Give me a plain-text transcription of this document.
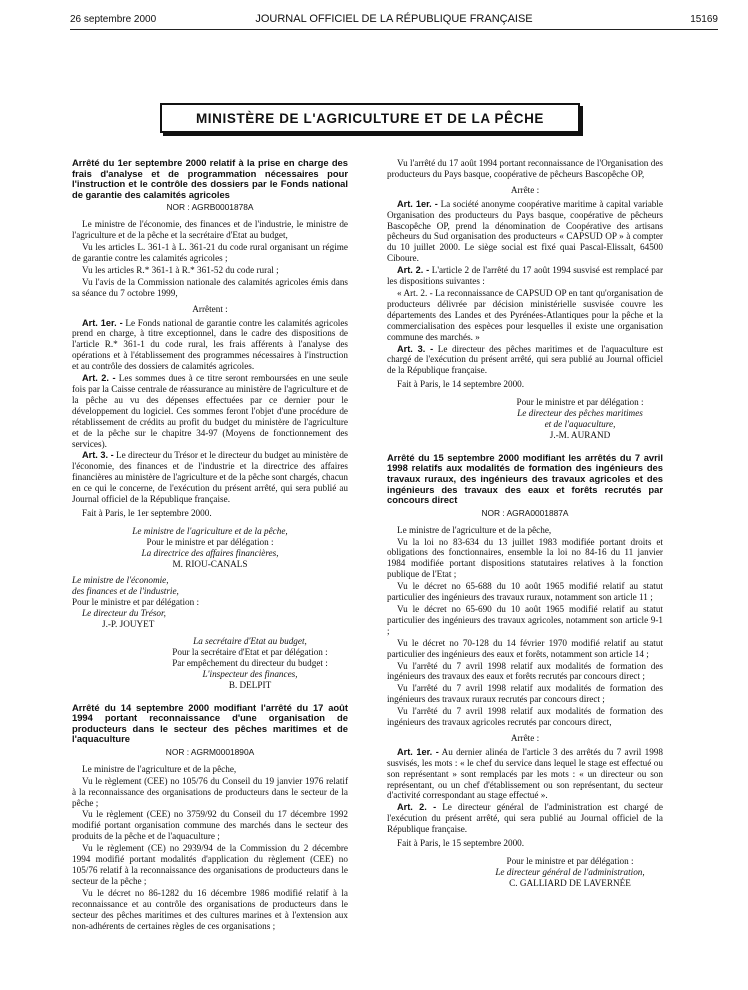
26 septembre 2000	JOURNAL OFFICIEL DE LA RÉPUBLIQUE FRANÇAISE	15169
MINISTÈRE DE L'AGRICULTURE ET DE LA PÊCHE

Arrêté du 1er septembre 2000 relatif à la prise en charge des frais d'analyse et de programmation nécessaires pour l'instruction et le contrôle des dossiers par le Fonds national de garantie des calamités agricoles

NOR : AGRB0001878A

Le ministre de l'économie, des finances et de l'industrie, le ministre de l'agriculture et de la pêche et la secrétaire d'Etat au budget,

Vu les articles L. 361-1 à L. 361-21 du code rural organisant un régime de garantie contre les calamités agricoles ;

Vu les articles R.* 361-1 à R.* 361-52 du code rural ;

Vu l'avis de la Commission nationale des calamités agricoles émis dans sa séance du 7 octobre 1999,

Arrêtent :

Art. 1er. - Le Fonds national de garantie contre les calamités agricoles prend en charge, à titre exceptionnel, dans le cadre des dispositions de l'article R.* 361-1 du code rural, les frais afférents à l'analyse des opérations et à l'établissement des programmes nécessaires à l'instruction et au contrôle des dossiers de calamités agricoles.

Art. 2. - Les sommes dues à ce titre seront remboursées en une seule fois par la Caisse centrale de réassurance au ministère de l'agriculture et de la pêche au vu des dépenses effectuées par ce dernier pour le développement du logiciel. Ces sommes feront l'objet d'une procédure de rétablissement de crédits au profit du budget du ministère de l'agriculture et de la pêche sur le chapitre 34-97 (Moyens de fonctionnement des services).

Art. 3. - Le directeur du Trésor et le directeur du budget au ministère de l'économie, des finances et de l'industrie et la directrice des affaires financières au ministère de l'agriculture et de la pêche sont chargés, chacun en ce qui le concerne, de l'exécution du présent arrêté, qui sera publié au Journal officiel de la République française.

Fait à Paris, le 1er septembre 2000.

Le ministre de l'agriculture et de la pêche,

Pour le ministre et par délégation :

La directrice des affaires financières,

M. RIOU-CANALS

Le ministre de l'économie,

des finances et de l'industrie,

Pour le ministre et par délégation :

Le directeur du Trésor,

J.-P. JOUYET

La secrétaire d'Etat au budget,

Pour la secrétaire d'Etat et par délégation :

Par empêchement du directeur du budget :

L'inspecteur des finances,

B. DELPIT

Arrêté du 14 septembre 2000 modifiant l'arrêté du 17 août 1994 portant reconnaissance d'une organisation de producteurs dans le secteur des pêches maritimes et de l'aquaculture

NOR : AGRM0001890A

Le ministre de l'agriculture et de la pêche,

Vu le règlement (CEE) no 105/76 du Conseil du 19 janvier 1976 relatif à la reconnaissance des organisations de producteurs dans le secteur de la pêche ;

Vu le règlement (CEE) no 3759/92 du Conseil du 17 décembre 1992 modifié portant organisation commune des marchés dans le secteur des produits de la pêche et de l'aquaculture ;

Vu le règlement (CE) no 2939/94 de la Commission du 2 décembre 1994 modifié portant modalités d'application du règlement (CEE) no 105/76 relatif à la reconnaissance des organisations de producteurs dans le secteur de la pêche ;

Vu le décret no 86-1282 du 16 décembre 1986 modifié relatif à la reconnaissance et au contrôle des organisations de producteurs dans le secteur des pêches maritimes et des cultures marines et à l'extension aux non-adhérents de certaines règles de ces organisations ;

Vu l'arrêté du 17 août 1994 portant reconnaissance de l'Organisation des producteurs du Pays basque, coopérative de pêcheurs Bascopêche OP,

Arrête :

Art. 1er. - La société anonyme coopérative maritime à capital variable Organisation des producteurs du Pays basque, coopérative de pêcheurs Bascopêche OP, prend la dénomination de Coopérative des artisans pêcheurs du Sud organisation des producteurs « CAPSUD OP » à compter du 10 juillet 2000. Le siège social est fixé quai Pascal-Elissalt, 64500 Ciboure.

Art. 2. - L'article 2 de l'arrêté du 17 août 1994 susvisé est remplacé par les dispositions suivantes :

« Art. 2. - La reconnaissance de CAPSUD OP en tant qu'organisation de producteurs délivrée par décision ministérielle susvisée couvre les départements des Landes et des Pyrénées-Atlantiques pour la pêche et la commercialisation des espèces pour lesquelles il existe une organisation commune des marchés. »

Art. 3. - Le directeur des pêches maritimes et de l'aquaculture est chargé de l'exécution du présent arrêté, qui sera publié au Journal officiel de la République française.

Fait à Paris, le 14 septembre 2000.

Pour le ministre et par délégation :

Le directeur des pêches maritimes

et de l'aquaculture,

J.-M. AURAND

Arrêté du 15 septembre 2000 modifiant les arrêtés du 7 avril 1998 relatifs aux modalités de formation des ingénieurs des travaux ruraux, des ingénieurs des travaux agricoles et des ingénieurs des travaux des eaux et forêts recrutés par concours direct

NOR : AGRA0001887A

Le ministre de l'agriculture et de la pêche,

Vu la loi no 83-634 du 13 juillet 1983 modifiée portant droits et obligations des fonctionnaires, ensemble la loi no 84-16 du 11 janvier 1984 modifiée portant dispositions statutaires relatives à la fonction publique de l'Etat ;

Vu le décret no 65-688 du 10 août 1965 modifié relatif au statut particulier des ingénieurs des travaux ruraux, notamment son article 11 ;

Vu le décret no 65-690 du 10 août 1965 modifié relatif au statut particulier des ingénieurs des travaux agricoles, notamment son article 9-1 ;

Vu le décret no 70-128 du 14 février 1970 modifié relatif au statut particulier des ingénieurs des eaux et forêts, notamment son article 14 ;

Vu l'arrêté du 7 avril 1998 relatif aux modalités de formation des ingénieurs des travaux des eaux et forêts recrutés par concours direct ;

Vu l'arrêté du 7 avril 1998 relatif aux modalités de formation des ingénieurs des travaux ruraux recrutés par concours direct ;

Vu l'arrêté du 7 avril 1998 relatif aux modalités de formation des ingénieurs des travaux agricoles recrutés par concours direct,

Arrête :

Art. 1er. - Au dernier alinéa de l'article 3 des arrêtés du 7 avril 1998 susvisés, les mots : « le chef du service dans lequel le stage est effectué ou son représentant » sont remplacés par les mots : « un directeur ou son représentant, ou un chef d'établissement ou son représentant, du secteur d'activité correspondant au stage effectué ».

Art. 2. - Le directeur général de l'administration est chargé de l'exécution du présent arrêté, qui sera publié au Journal officiel de la République française.

Fait à Paris, le 15 septembre 2000.

Pour le ministre et par délégation :

Le directeur général de l'administration,

C. GALLIARD DE LAVERNÉE
